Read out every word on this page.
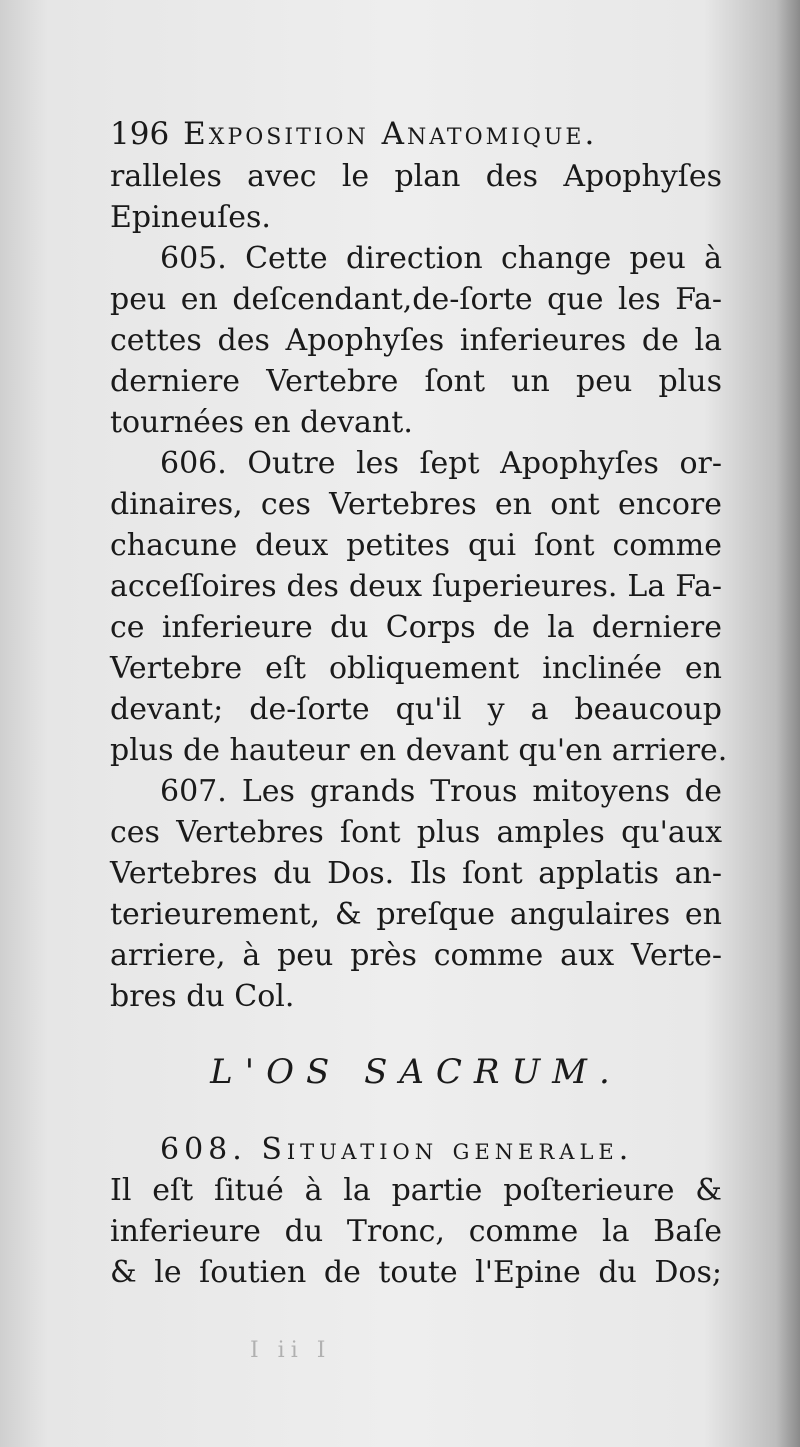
196 Exposition Anatomique.
ralleles avec le plan des Apophyſes
Epineuſes.
605. Cette direction change peu à
peu en deſcendant,de-ſorte que les Fa-
cettes des Apophyſes inferieures de la
derniere Vertebre ſont un peu plus
tournées en devant.
606. Outre les ſept Apophyſes or-
dinaires, ces Vertebres en ont encore
chacune deux petites qui ſont comme
acceſſoires des deux ſuperieures. La Fa-
ce inferieure du Corps de la derniere
Vertebre eſt obliquement inclinée en
devant; de-ſorte qu'il y a beaucoup
plus de hauteur en devant qu'en arriere.
607. Les grands Trous mitoyens de
ces Vertebres ſont plus amples qu'aux
Vertebres du Dos. Ils ſont applatis an-
terieurement, & preſque angulaires en
arriere, à peu près comme aux Verte-
bres du Col.
L'OS SACRUM.
608. Situation generale.
Il eſt ſitué à la partie poſterieure &
inferieure du Tronc, comme la Baſe
& le ſoutien de toute l'Epine du Dos;
I ii I
